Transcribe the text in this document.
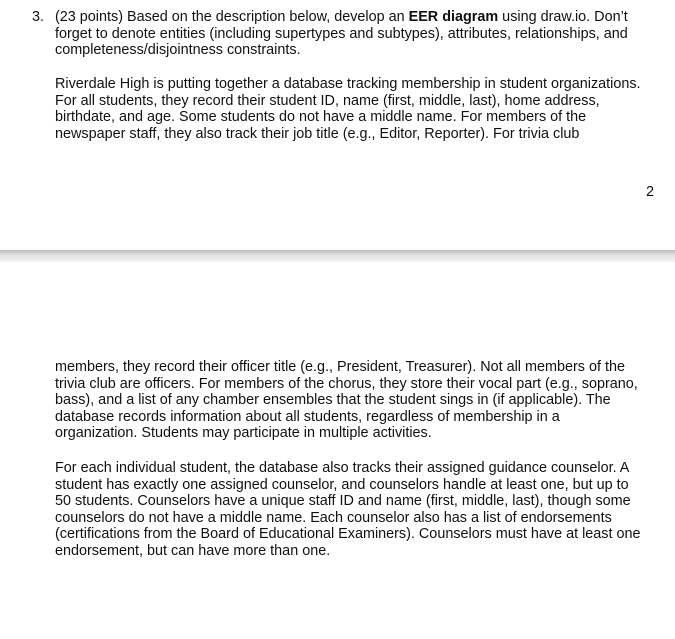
3. (23 points) Based on the description below, develop an EER diagram using draw.io. Don’t
forget to denote entities (including supertypes and subtypes), attributes, relationships, and
completeness/disjointness constraints.

Riverdale High is putting together a database tracking membership in student organizations.
For all students, they record their student ID, name (first, middle, last), home address,
birthdate, and age. Some students do not have a middle name. For members of the
newspaper staff, they also track their job title (e.g., Editor, Reporter). For trivia club

2

members, they record their officer title (e.g., President, Treasurer). Not all members of the
trivia club are officers. For members of the chorus, they store their vocal part (e.g., soprano,
bass), and a list of any chamber ensembles that the student sings in (if applicable). The
database records information about all students, regardless of membership in a
organization. Students may participate in multiple activities.

For each individual student, the database also tracks their assigned guidance counselor. A
student has exactly one assigned counselor, and counselors handle at least one, but up to
50 students. Counselors have a unique staff ID and name (first, middle, last), though some
counselors do not have a middle name. Each counselor also has a list of endorsements
(certifications from the Board of Educational Examiners). Counselors must have at least one
endorsement, but can have more than one.
